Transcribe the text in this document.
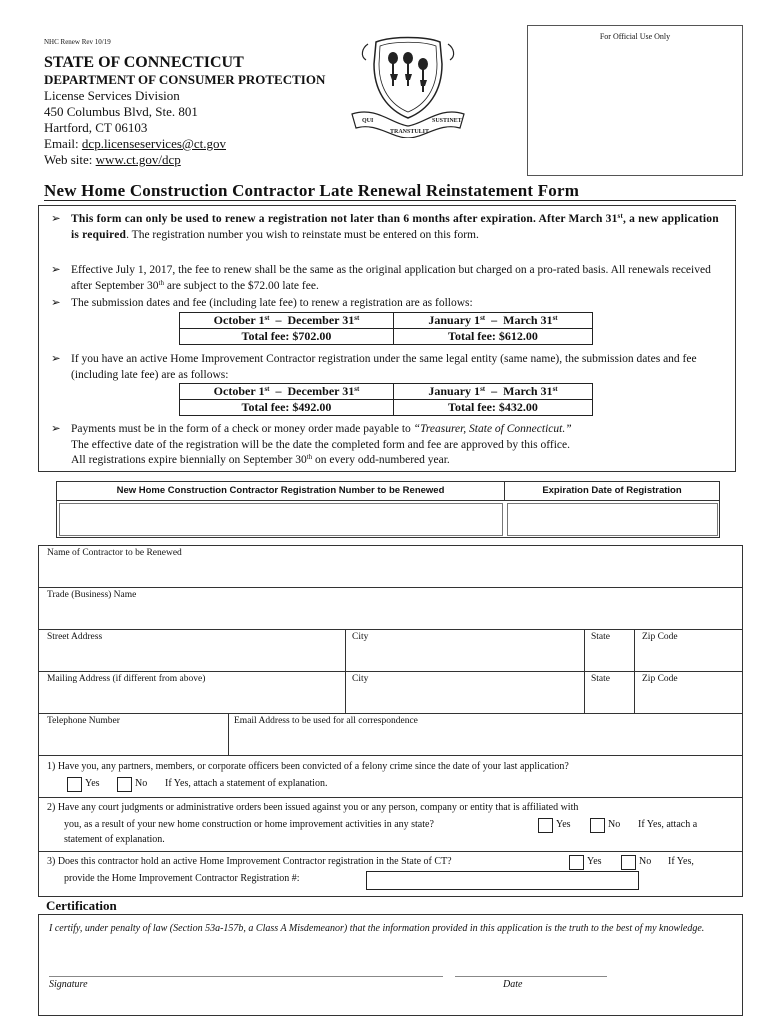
NHC Renew Rev 10/19
For Official Use Only
STATE OF CONNECTICUT
DEPARTMENT OF CONSUMER PROTECTION
License Services Division
450 Columbus Blvd, Ste. 801
Hartford, CT 06103
Email: dcp.licenseservices@ct.gov
Web site: www.ct.gov/dcp
QUI
TRANSTULIT
SUSTINET
New Home Construction Contractor Late Renewal Reinstatement Form
➢ This form can only be used to renew a registration not later than 6 months after expiration. After March 31st, a new application is required. The registration number you wish to reinstate must be entered on this form.
➢ Effective July 1, 2017, the fee to renew shall be the same as the original application but charged on a pro-rated basis. All renewals received after September 30th are subject to the $72.00 late fee.
➢ The submission dates and fee (including late fee) to renew a registration are as follows:
October 1st  –  December 31st	January 1st  –  March 31st
Total fee: $702.00	Total fee: $612.00
➢ If you have an active Home Improvement Contractor registration under the same legal entity (same name), the submission dates and fee (including late fee) are as follows:
October 1st  –  December 31st	January 1st  –  March 31st
Total fee: $492.00	Total fee: $432.00
➢ Payments must be in the form of a check or money order made payable to “Treasurer, State of Connecticut.”
The effective date of the registration will be the date the completed form and fee are approved by this office.
All registrations expire biennially on September 30th on every odd-numbered year.
New Home Construction Contractor Registration Number to be Renewed	Expiration Date of Registration
Name of Contractor to be Renewed
Trade (Business) Name
Street Address	City	State	Zip Code
Mailing Address (if different from above)	City	State	Zip Code
Telephone Number	Email Address to be used for all correspondence
1) Have you, any partners, members, or corporate officers been convicted of a felony crime since the date of your last application?
Yes	No If Yes, attach a statement of explanation.
2) Have any court judgments or administrative orders been issued against you or any person, company or entity that is affiliated with
you, as a result of your new home construction or home improvement activities in any state?	Yes	No If Yes, attach a
statement of explanation.
3) Does this contractor hold an active Home Improvement Contractor registration in the State of CT?	Yes	No If Yes,
provide the Home Improvement Contractor Registration #:
Certification
I certify, under penalty of law (Section 53a-157b, a Class A Misdemeanor) that the information provided in this application is the truth to the best of my knowledge.
Signature	Date
